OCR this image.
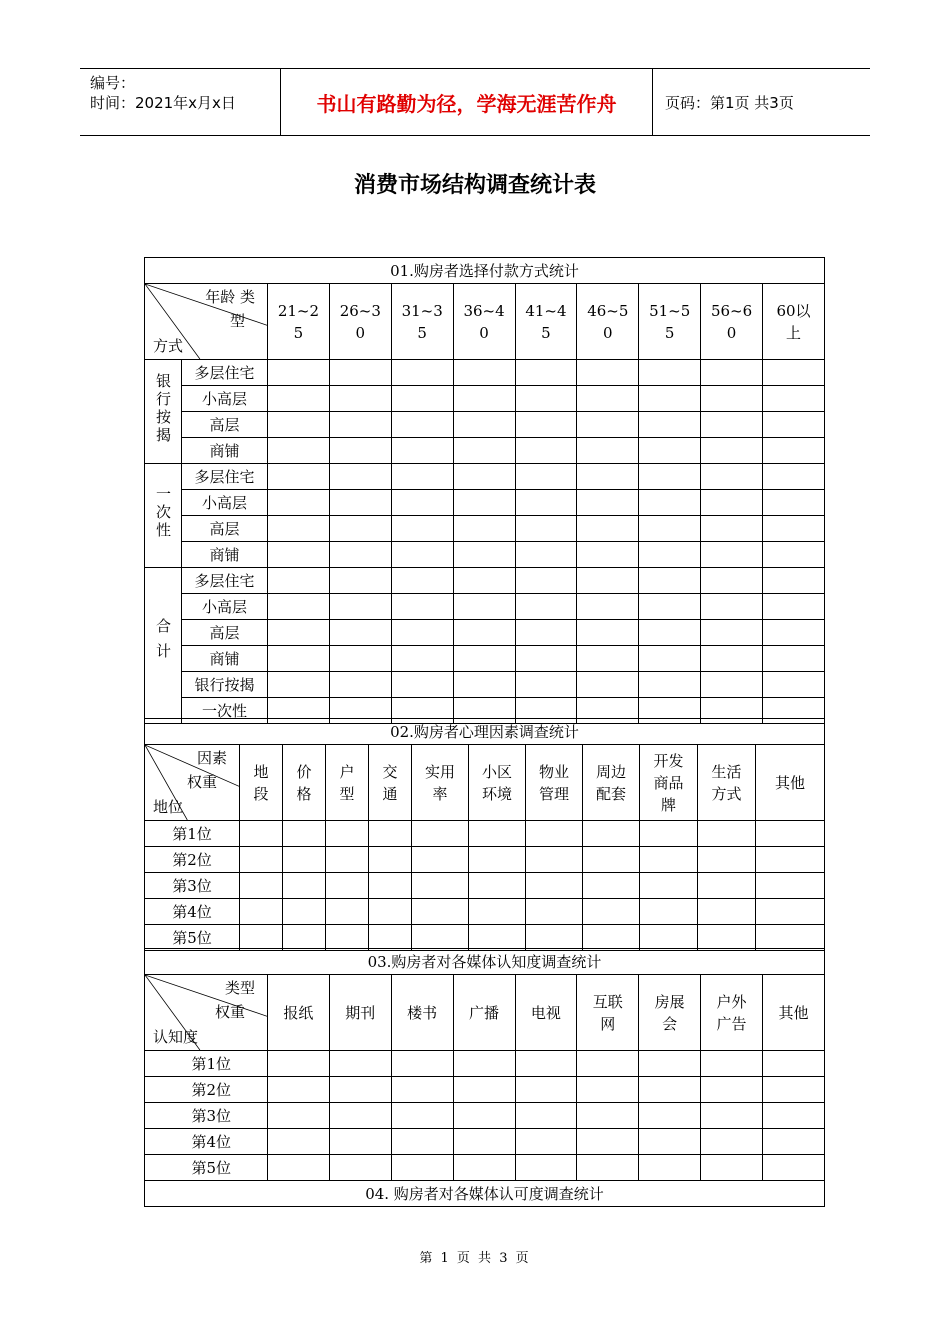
编号：
时间：2021年x月x日	书山有路勤为径，学海无涯苦作舟	页码：第1页 共3页
消费市场结构调查统计表
01.购房者选择付款方式统计										

年龄 类
型
方式		21~25	26~30	31~35	36~40	41~45	46~50	51~55	56~60	60以上
银行按揭	多层住宅									
	小高层									
	高层									
	商铺									
一次性	多层住宅									
	小高层									
	高层									
	商铺									
合计	多层住宅									
	小高层									
	高层									
	商铺									
	银行按揭									
	一次性									
02.购房者心理因素调查统计											

因素
权重
地位	地段	价格	户型	交通	实用率	小区环境	物业管理	周边配套	开发商品牌	生活方式	其他
第1位											
第2位											
第3位											
第4位											
第5位											
03.购房者对各媒体认知度调查统计									

类型
权重
认知度	报纸	期刊	楼书	广播	电视	互联网	房展会	户外广告	其他
第1位									
第2位									
第3位									
第4位									
第5位									
04. 购房者对各媒体认可度调查统计									
第 1 页 共 3 页
